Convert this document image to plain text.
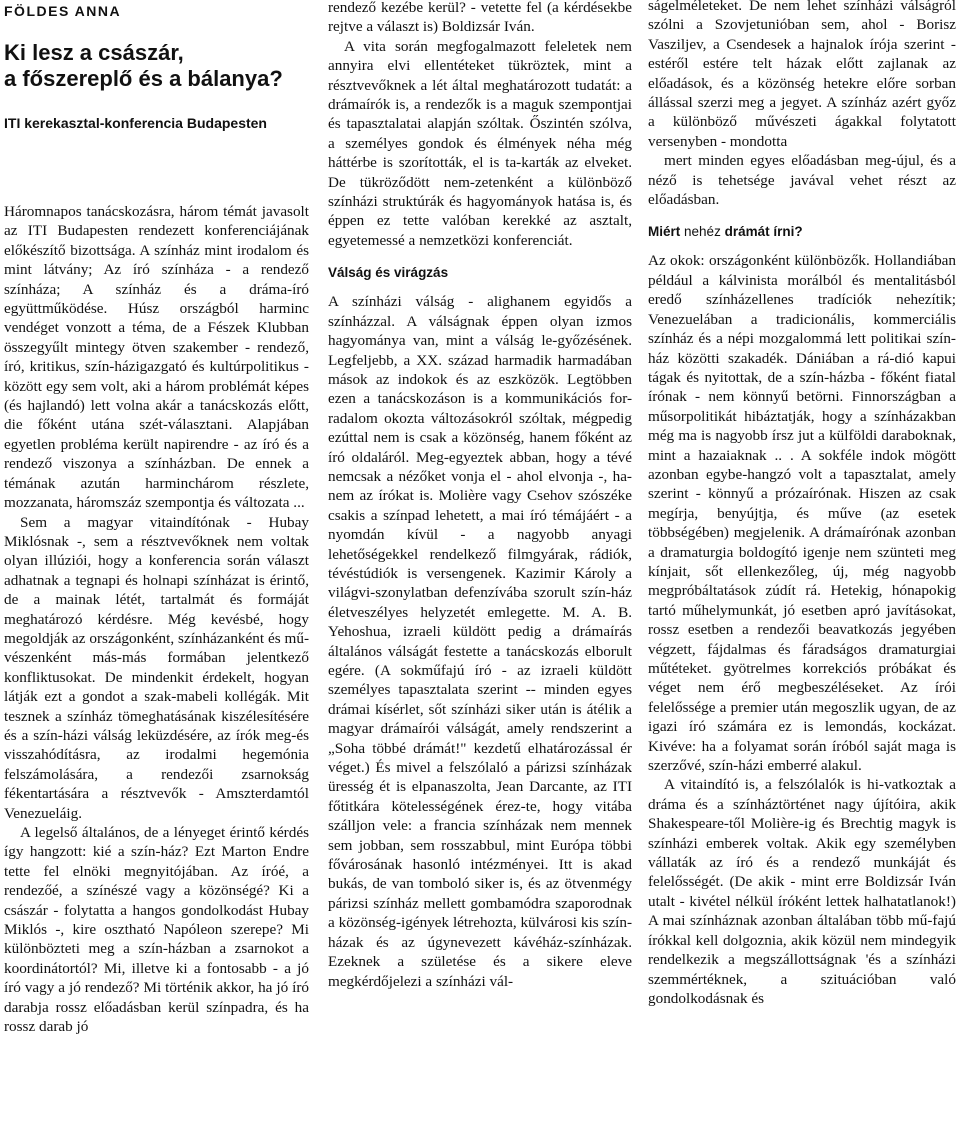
FÖLDES ANNA
Ki lesz a császár,
a főszereplő és a bálanya?
ITI kerekasztal-konferencia Budapesten

Háromnapos tanácskozásra, három témát javasolt az ITI Budapesten rendezett konferenciájának előkészítő bizottsága. A színház mint irodalom és mint látvány; Az író színháza - a rendező színháza; A színház és a dráma-író együttműködése. Húsz országból harminc vendéget vonzott a téma, de a Fészek Klubban összegyűlt mintegy ötven szakember - rendező, író, kritikus, szín-házigazgató és kultúrpolitikus - között egy sem volt, aki a három problémát képes (és hajlandó) lett volna akár a tanácskozás előtt, die főként utána szét-választani. Alapjában egyetlen probléma került napirendre - az író és a rendező viszonya a színházban. De ennek a témának azután harminchárom részlete, mozzanata, háromszáz szempontja és változata ...

Sem a magyar vitaindítónak - Hubay Miklósnak -, sem a résztvevőknek nem voltak olyan illúziói, hogy a konferencia során választ adhatnak a tegnapi és holnapi színházat is érintő, de a mainak létét, tartalmát és formáját meghatározó kérdésre. Még kevésbé, hogy megoldják az országonként, színházanként és mű-vészenként más-más formában jelentkező konfliktusokat. De mindenkit érdekelt, hogyan látják ezt a gondot a szak-mabeli kollégák. Mit tesznek a színház tömeghatásának kiszélesítésére és a szín-házi válság leküzdésére, az írók meg-és visszahódításra, az irodalmi hegemónia felszámolására, a rendezői zsarnokság fékentartására a résztvevők - Amszterdamtól Venezueláig.

A legelső általános, de a lényeget érintő kérdés így hangzott: kié a szín-ház? Ezt Marton Endre tette fel elnöki megnyitójában. Az íróé, a rendezőé, a színészé vagy a közönségé? Ki a császár - folytatta a hangos gondolkodást Hubay Miklós -, kire osztható Napóleon szerepe? Mi különbözteti meg a szín-házban a zsarnokot a koordinátortól? Mi, illetve ki a fontosabb - a jó író vagy a jó rendező? Mi történik akkor, ha jó író darabja rossz előadásban kerül színpadra, és ha rossz darab jó

rendező kezébe kerül? - vetette fel (a kérdésekbe rejtve a választ is) Boldizsár Iván.

A vita során megfogalmazott feleletek nem annyira elvi ellentéteket tükröztek, mint a résztvevőknek a lét által meghatározott tudatát: a drámaírók is, a rendezők is a maguk szempontjai és tapasztalatai alapján szóltak. Őszintén szólva, a személyes gondok és élmények néha még háttérbe is szorították, el is ta-karták az elveket. De tükröződött nem-zetenként a különböző színházi struktúrák és hagyományok hatása is, és éppen ez tette valóban kerekké az asztalt, egyetemessé a nemzetközi konferenciát.

Válság és virágzás

A színházi válság - alighanem egyidős a színházzal. A válságnak éppen olyan izmos hagyománya van, mint a válság le-győzésének. Legfeljebb, a XX. század harmadik harmadában mások az indokok és az eszközök. Legtöbben ezen a tanácskozáson is a kommunikációs for-radalom okozta változásokról szóltak, mégpedig ezúttal nem is csak a közönség, hanem főként az író oldaláról. Meg-egyeztek abban, hogy a tévé nemcsak a nézőket vonja el - ahol elvonja -, ha-nem az írókat is. Molière vagy Csehov szószéke csakis a színpad lehetett, a mai író témájáért - a nyomdán kívül - a nagyobb anyagi lehetőségekkel rendelkező filmgyárak, rádiók, tévéstúdiók is versengenek. Kazimir Károly a világvi-szonylatban defenzívába szorult szín-ház életveszélyes helyzetét emlegette. M. A. B. Yehoshua, izraeli küldött pedig a drámaírás általános válságát festette a tanácskozás elborult egére. (A sokműfajú író - az izraeli küldött személyes tapasztalata szerint -- minden egyes drámai kísérlet, sőt színházi siker után is átélik a magyar drámaírói válságát, amely rendszerint a „Soha többé drámát!" kezdetű elhatározással ér véget.) És mivel a felszólaló a párizsi színházak üresség ét is elpanaszolta, Jean Darcante, az ITI főtitkára kötelességének érez-te, hogy vitába szálljon vele: a francia színházak nem mennek sem jobban, sem rosszabbul, mint Európa többi fővárosának hasonló intézményei. Itt is akad bukás, de van tomboló siker is, és az ötvenmégy párizsi színház mellett gombamódra szaporodnak a közönség-igények létrehozta, külvárosi kis szín-házak és az úgynevezett kávéház-színházak. Ezeknek a születése és a sikere eleve megkérdőjelezi a színházi vál-

ságelméleteket. De nem lehet színházi válságról szólni a Szovjetunióban sem, ahol - Borisz Vasziljev, a Csendesek a hajnalok írója szerint - estéről estére telt házak előtt zajlanak az előadások, és a közönség hetekre előre sorban állással szerzi meg a jegyet. A színház azért győz a különböző művészeti ágakkal folytatott versenyben - mondotta

mert minden egyes előadásban meg-újul, és a néző is tehetsége javával vehet részt az előadásban.

Miért nehéz drámát írni?

Az okok: országonként különbözők. Hollandiában például a kálvinista morálból és mentalitásból eredő színházellenes tradíciók nehezítik; Venezuelában a tradicionális, kommerciális színház és a népi mozgalommá lett politikai szín-ház közötti szakadék. Dániában a rá-dió kapui tágak és nyitottak, de a szín-házba - főként fiatal írónak - nem könnyű betörni. Finnországban a műsorpolitikát hibáztatják, hogy a színházakban még ma is nagyobb írsz jut a külföldi daraboknak, mint a hazaiaknak .. . A sokféle indok mögött azonban egybe-hangzó volt a tapasztalat, amely szerint - könnyű a prózaírónak. Hiszen az csak megírja, benyújtja, és műve (az esetek többségében) megjelenik. A drámaírónak azonban a dramaturgia boldogító igenje nem szünteti meg kínjait, sőt ellenkezőleg, új, még nagyobb megpróbáltatások zúdít rá. Hetekig, hónapokig tartó műhelymunkát, jó esetben apró javításokat, rossz esetben a rendezői beavatkozás jegyében végzett, fájdalmas és fáradságos dramaturgiai műtéteket. gyötrelmes korrekciós próbákat és véget nem érő megbeszéléseket. Az írói felelőssége a premier után megoszlik ugyan, de az igazi író számára ez is lemondás, kockázat. Kivéve: ha a folyamat során íróból saját maga is szerzővé, szín-házi emberré alakul.

A vitaindító is, a felszólalók is hi-vatkoztak a dráma és a színháztörténet nagy újítóira, akik Shakespeare-től Molière-ig és Brechtig magyk is színházi emberek voltak. Akik egy személyben vállaták az író és a rendező munkáját és felelősségét. (De akik - mint erre Boldizsár Iván utalt - kivétel nélkül íróként lettek halhatatlanok!) A mai színháznak azonban általában több mű-fajú írókkal kell dolgoznia, akik közül nem mindegyik rendelkezik a megszállottságnak 'és a színházi szemmértéknek, a szituációban való gondolkodásnak és
